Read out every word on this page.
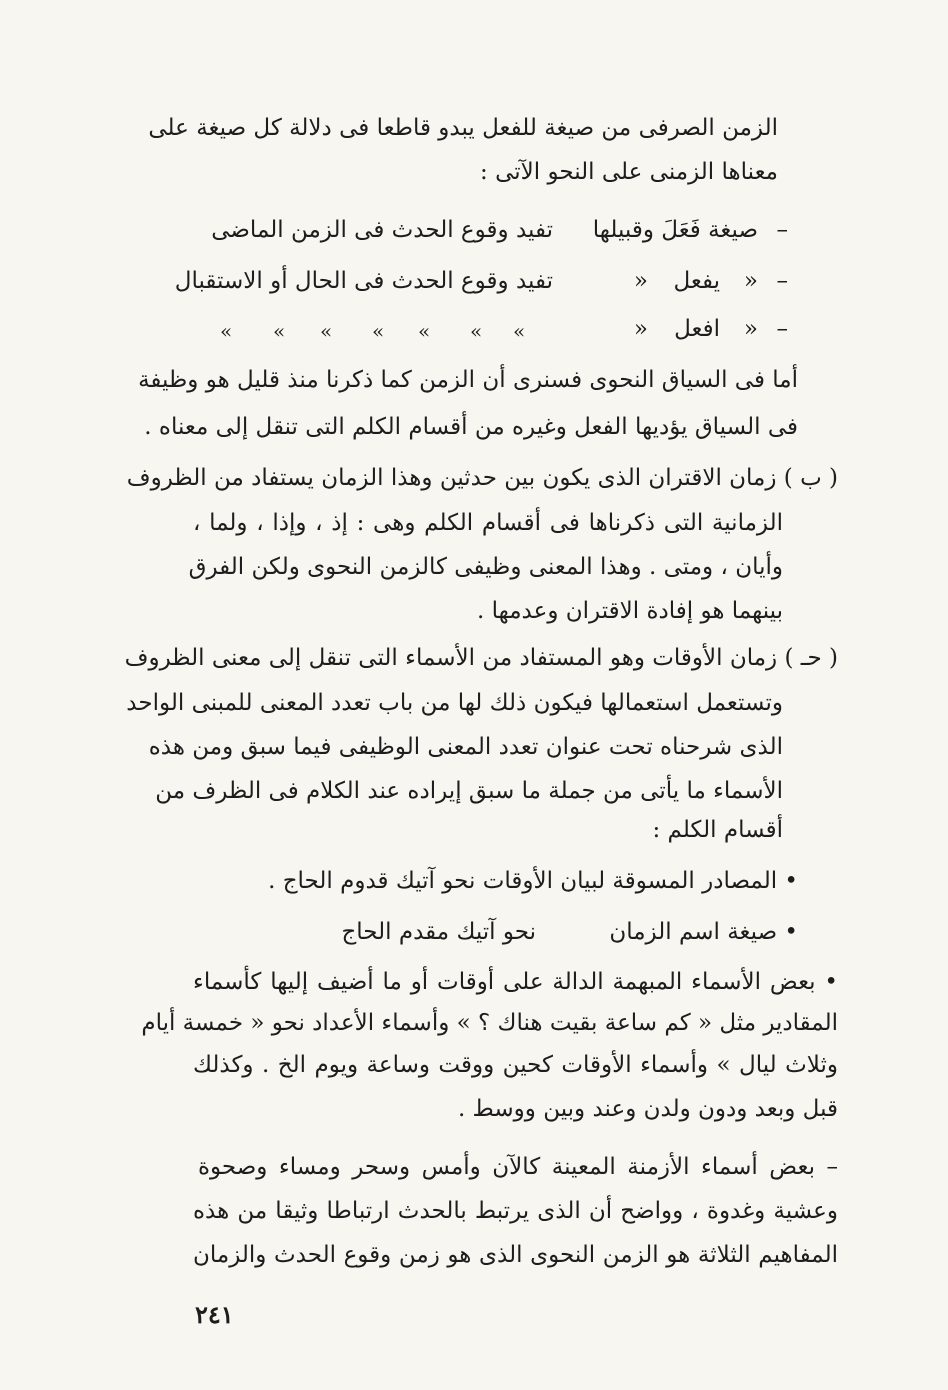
الزمن الصرفى من صيغة للفعل يبدو قاطعا فى دلالة كل صيغة على
معناها الزمنى على النحو الآتى :
–
صيغة فَعَلَ وقبيلها
تفيد وقوع الحدث فى الزمن الماضى
–
«
يفعل
«
تفيد وقوع الحدث فى الحال أو الاستقبال
–
«
افعل
«
« « « « « « «
أما فى السياق النحوى فسنرى أن الزمن كما ذكرنا منذ قليل هو وظيفة
فى السياق يؤديها الفعل وغيره من أقسام الكلم التى تنقل إلى معناه .
( ب ) زمان الاقتران الذى يكون بين حدثين وهذا الزمان يستفاد من الظروف
الزمانية التى ذكرناها فى أقسام الكلم وهى : إذ ، وإذا ، ولما ،
وأيان ، ومتى . وهذا المعنى وظيفى كالزمن النحوى ولكن الفرق
بينهما هو إفادة الاقتران وعدمها .
( حـ ) زمان الأوقات وهو المستفاد من الأسماء التى تنقل إلى معنى الظروف
وتستعمل استعمالها فيكون ذلك لها من باب تعدد المعنى للمبنى الواحد
الذى شرحناه تحت عنوان تعدد المعنى الوظيفى فيما سبق ومن هذه
الأسماء ما يأتى من جملة ما سبق إيراده عند الكلام فى الظرف من
أقسام الكلم :
• المصادر المسوقة لبيان الأوقات نحو آتيك قدوم الحاج .
• صيغة اسم الزمان
نحو آتيك مقدم الحاج
• بعض الأسماء المبهمة الدالة على أوقات أو ما أضيف إليها كأسماء
المقادير مثل « كم ساعة بقيت هناك ؟ » وأسماء الأعداد نحو « خمسة أيام
وثلاث ليال » وأسماء الأوقات كحين ووقت وساعة ويوم الخ . وكذلك
قبل وبعد ودون ولدن وعند وبين ووسط .
– بعض أسماء الأزمنة المعينة كالآن وأمس وسحر ومساء وصحوة
وعشية وغدوة ، وواضح أن الذى يرتبط بالحدث ارتباطا وثيقا من هذه
المفاهيم الثلاثة هو الزمن النحوى الذى هو زمن وقوع الحدث والزمان
٢٤١
